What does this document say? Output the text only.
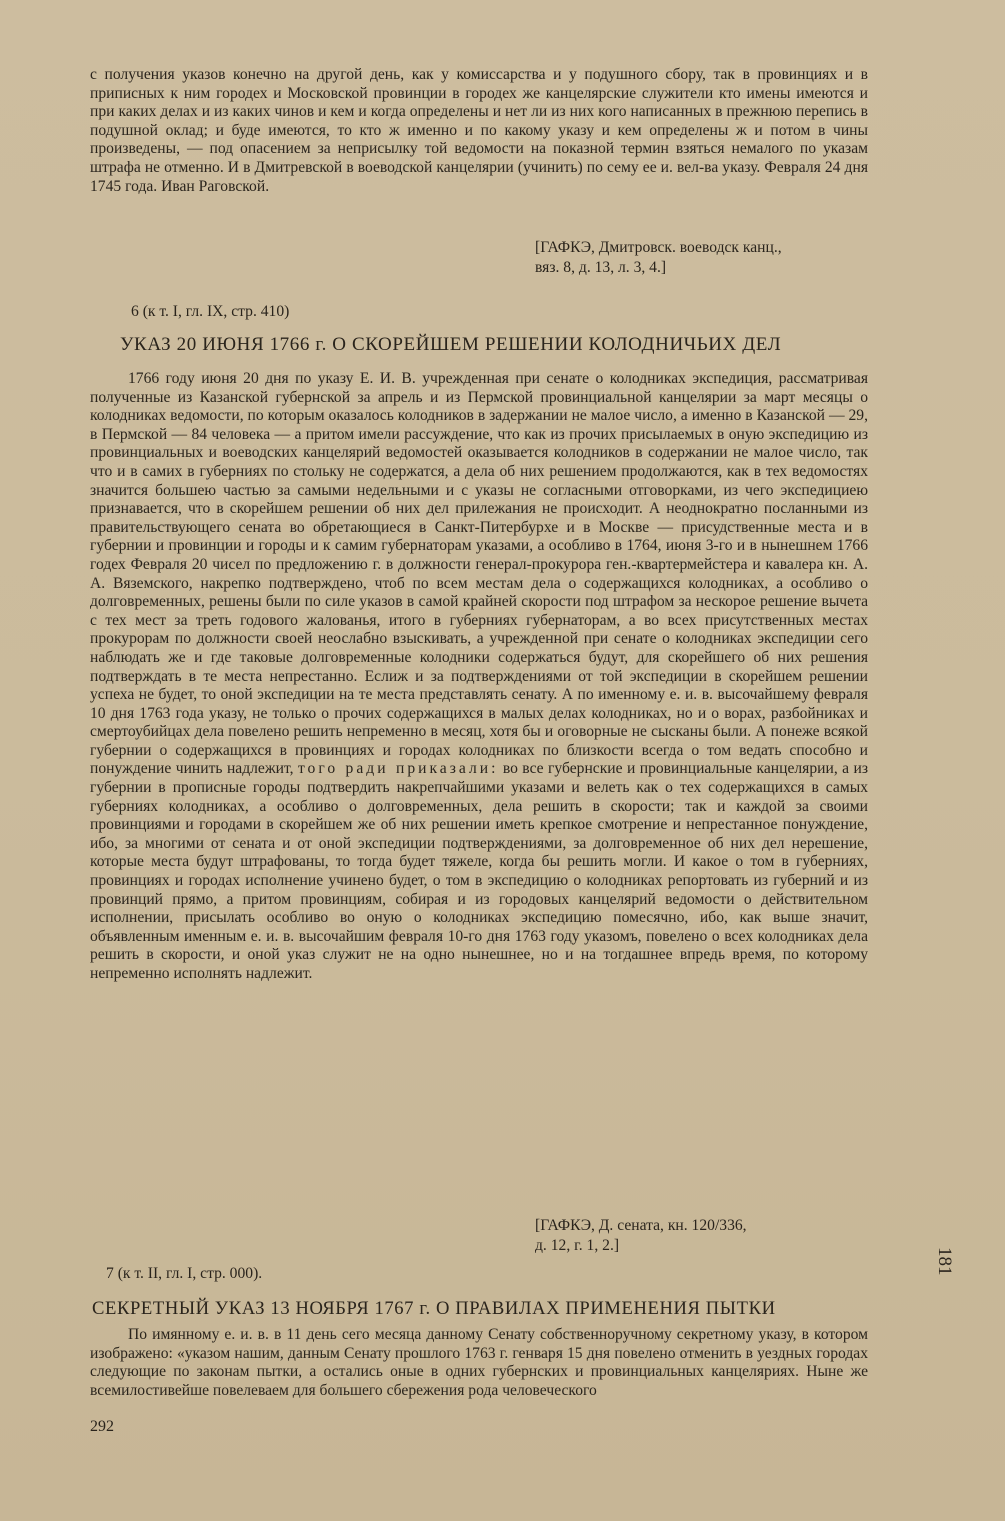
с получения указов конечно на другой день, как у комиссарства и у подушного сбору, так в провинциях и в приписных к ним городех и Московской провинции в городех же канцелярские служители кто имены имеются и при каких делах и из каких чинов и кем и когда определены и нет ли из них кого написанных в прежнюю перепись в подушной оклад; и буде имеются, то кто ж именно и по какому указу и кем определены ж и потом в чины произведены, — под опасением за неприсылку той ведомости на показной термин взяться немалого по указам штрафа не отменно. И в Дмитревской в воеводской канцелярии (учинить) по сему ее и. вел-ва указу. Февраля 24 дня 1745 года. Иван Раговской.

[ГАФКЭ, Дмитровск. воеводск канц.,
вяз. 8, д. 13, л. 3, 4.]
6 (к т. I, гл. IX, стр. 410)
УКАЗ 20 ИЮНЯ 1766 г. О СКОРЕЙШЕМ РЕШЕНИИ КОЛОДНИЧЬИХ ДЕЛ

1766 году июня 20 дня по указу Е. И. В. учрежденная при сенате о колодниках экспедиция, рассматривая полученные из Казанской губернской за апрель и из Пермской провинциальной канцелярии за март месяцы о колодниках ведомости, по которым оказалось колодников в задержании не малое число, а именно в Казанской — 29, в Пермской — 84 человека — а притом имели рассуждение, что как из прочих присылаемых в оную экспедицию из провинциальных и воеводских канцелярий ведомостей оказывается колодников в содержании не малое число, так что и в самих в губерниях по стольку не содержатся, а дела об них решением продолжаются, как в тех ведомостях значится большею частью за самыми недельными и с указы не согласными отговорками, из чего экспедициею признавается, что в скорейшем решении об них дел прилежания не происходит. А неоднократно посланными из правительствующего сената во обретающиеся в Санкт-Питербурхе и в Москве — присудственные места и в губернии и провинции и городы и к самим губернаторам указами, а особливо в 1764, июня 3-го и в нынешнем 1766 годех Февраля 20 чисел по предложению г. в должности генерал-прокурора ген.-квартермейстера и кавалера кн. А. А. Вяземского, накрепко подтверждено, чтоб по всем местам дела о содержащихся колодниках, а особливо о долговременных, решены были по силе указов в самой крайней скорости под штрафом за нескорое решение вычета с тех мест за треть годового жалованья, итого в губерниях губернаторам, а во всех присутственных местах прокурорам по должности своей неослабно взыскивать, а учрежденной при сенате о колодниках экспедиции сего наблюдать же и где таковые долговременные колодники содержаться будут, для скорейшего об них решения подтверждать в те места непрестанно. Еслиж и за подтверждениями от той экспедиции в скорейшем решении успеха не будет, то оной экспедиции на те места представлять сенату. А по именному е. и. в. высочайшему февраля 10 дня 1763 года указу, не только о прочих содержащихся в малых делах колодниках, но и о ворах, разбойниках и смертоубийцах дела повелено решить непременно в месяц, хотя бы и оговорные не сысканы были. А понеже всякой губернии о содержащихся в провинциях и городах колодниках по близкости всегда о том ведать способно и понуждение чинить надлежит, того ради приказали: во все губернские и провинциальные канцелярии, а из губернии в прописные городы подтвердить накрепчайшими указами и велеть как о тех содержащихся в самых губерниях колодниках, а особливо о долговременных, дела решить в скорости; так и каждой за своими провинциями и городами в скорейшем же об них решении иметь крепкое смотрение и непрестанное понуждение, ибо, за многими от сената и от оной экспедиции подтверждениями, за долговременное об них дел нерешение, которые места будут штрафованы, то тогда будет тяжеле, когда бы решить могли. И какое о том в губерниях, провинциях и городах исполнение учинено будет, о том в экспедицию о колодниках репортовать из губерний и из провинций прямо, а притом провинциям, собирая и из городовых канцелярий ведомости о действительном исполнении, присылать особливо во оную о колодниках экспедицию помесячно, ибо, как выше значит, объявленным именным е. и. в. высочайшим февраля 10-го дня 1763 году указомъ, повелено о всех колодниках дела решить в скорости, и оной указ служит не на одно нынешнее, но и на тогдашнее впредь время, по которому непременно исполнять надлежит.

[ГАФКЭ, Д. сената, кн. 120/336,
д. 12, г. 1, 2.]
7 (к т. II, гл. I, стр. 000).
СЕКРЕТНЫЙ УКАЗ 13 НОЯБРЯ 1767 г. О ПРАВИЛАХ ПРИМЕНЕНИЯ ПЫТКИ

По имянному е. и. в. в 11 день сего месяца данному Сенату собственноручному секретному указу, в котором изображено: «указом нашим, данным Сенату прошлого 1763 г. генваря 15 дня повелено отменить в уездных городах следующие по законам пытки, а остались оные в одних губернских и провинциальных канцеляриях. Ныне же всемилостивейше повелеваем для большего сбережения рода человеческого

292
181
